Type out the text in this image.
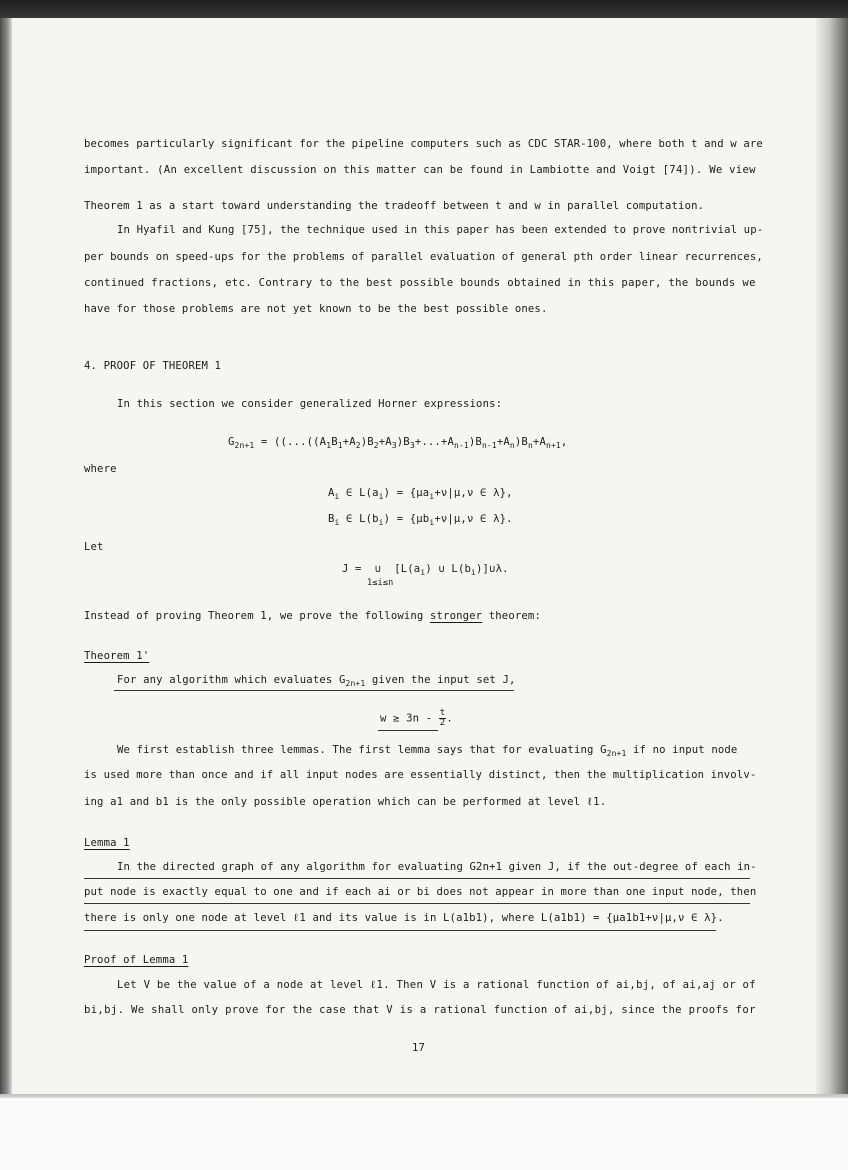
becomes particularly significant for the pipeline computers such as CDC STAR-100, where both t and w are
important. (An excellent discussion on this matter can be found in Lambiotte and Voigt [74]). We view
Theorem 1 as a start toward understanding the tradeoff between t and w in parallel computation.
In Hyafil and Kung [75], the technique used in this paper has been extended to prove nontrivial up-
per bounds on speed-ups for the problems of parallel evaluation of general pth order linear recurrences,
continued fractions, etc. Contrary to the best possible bounds obtained in this paper, the bounds we
have for those problems are not yet known to be the best possible ones.
4. PROOF OF THEOREM 1
In this section we consider generalized Horner expressions:
$G_{2n+1} = ((...((A_1B_1+A_2)B_2+A_3)B_3+...+A_{n-1})B_{n-1}+A_n)B_n+A_{n+1}$,
where
$A_i$ ∈ $L(a_i) = \{\mu a_i+\nu|\mu,\nu$ ∈ λ},
$B_i$ ∈ $L(b_i) = \{\mu b_i+\nu|\mu,\nu$ ∈ λ}.
Let
J =  ∪  [$L(a_i)$ ∪ $L(b_i)]\cup\lambda$.
1≤i≤n
Instead of proving Theorem 1, we prove the following stronger theorem:
Theorem 1'
For any algorithm which evaluates $G_{2n+1}$ given the input set J,
$w \ge 3n - \frac{t}{2}$ .
We first establish three lemmas. The first lemma says that for evaluating $G_{2n+1}$ if no input node
is used more than once and if all input nodes are essentially distinct, then the multiplication involv-
ing a1 and b1 is the only possible operation which can be performed at level ℓ1.
Lemma 1
In the directed graph of any algorithm for evaluating G2n+1 given J, if the out-degree of each in-
put node is exactly equal to one and if each ai or bi does not appear in more than one input node, then
there is only one node at level ℓ1 and its value is in L(a1b1), where L(a1b1) = {μa1b1+ν|μ,ν ∈ λ}.
Proof of Lemma 1
Let V be the value of a node at level ℓ1. Then V is a rational function of ai,bj, of ai,aj or of
bi,bj. We shall only prove for the case that V is a rational function of ai,bj, since the proofs for
17
